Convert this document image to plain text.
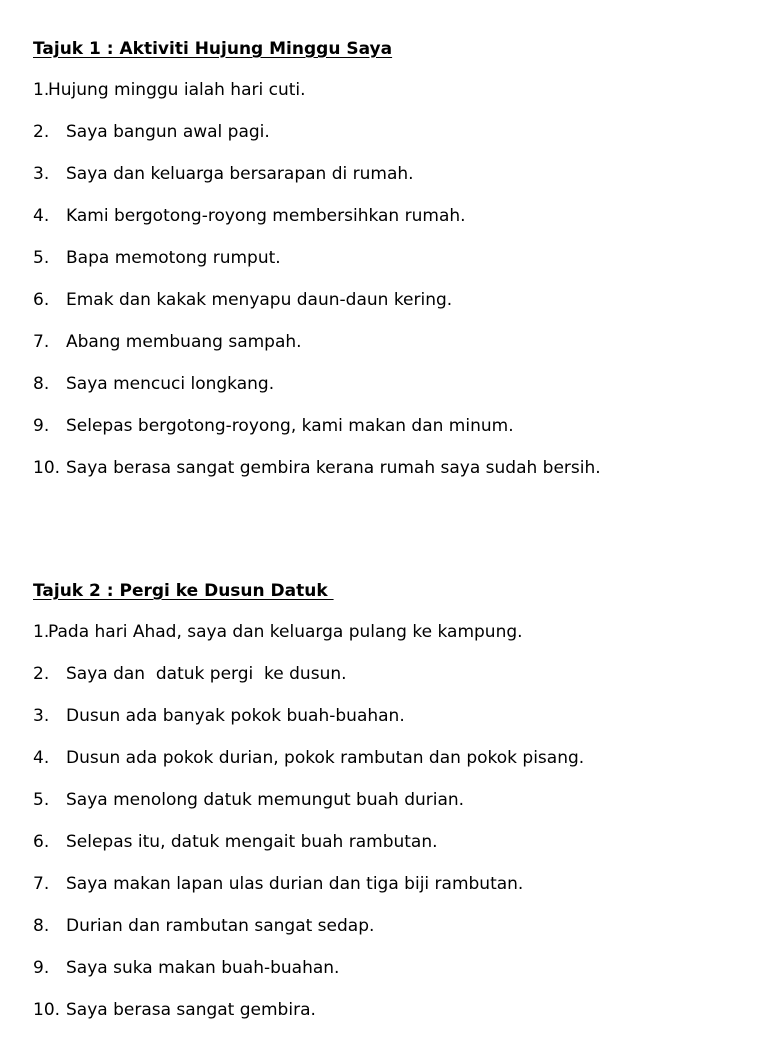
Tajuk 1 : Aktiviti Hujung Minggu Saya
1.
Hujung minggu ialah hari cuti.
2. Saya bangun awal pagi.
3. Saya dan keluarga bersarapan di rumah.
4. Kami bergotong-royong membersihkan rumah.
5. Bapa memotong rumput.
6. Emak dan kakak menyapu daun-daun kering.
7. Abang membuang sampah.
8. Saya mencuci longkang.
9. Selepas bergotong-royong, kami makan dan minum.
10. Saya berasa sangat gembira kerana rumah saya sudah bersih.
Tajuk 2 : Pergi ke Dusun Datuk
1.
Pada hari Ahad, saya dan keluarga pulang ke kampung.
2. Saya dan  datuk pergi  ke dusun.
3. Dusun ada banyak pokok buah-buahan.
4. Dusun ada pokok durian, pokok rambutan dan pokok pisang.
5. Saya menolong datuk memungut buah durian.
6. Selepas itu, datuk mengait buah rambutan.
7. Saya makan lapan ulas durian dan tiga biji rambutan.
8. Durian dan rambutan sangat sedap.
9. Saya suka makan buah-buahan.
10. Saya berasa sangat gembira.
